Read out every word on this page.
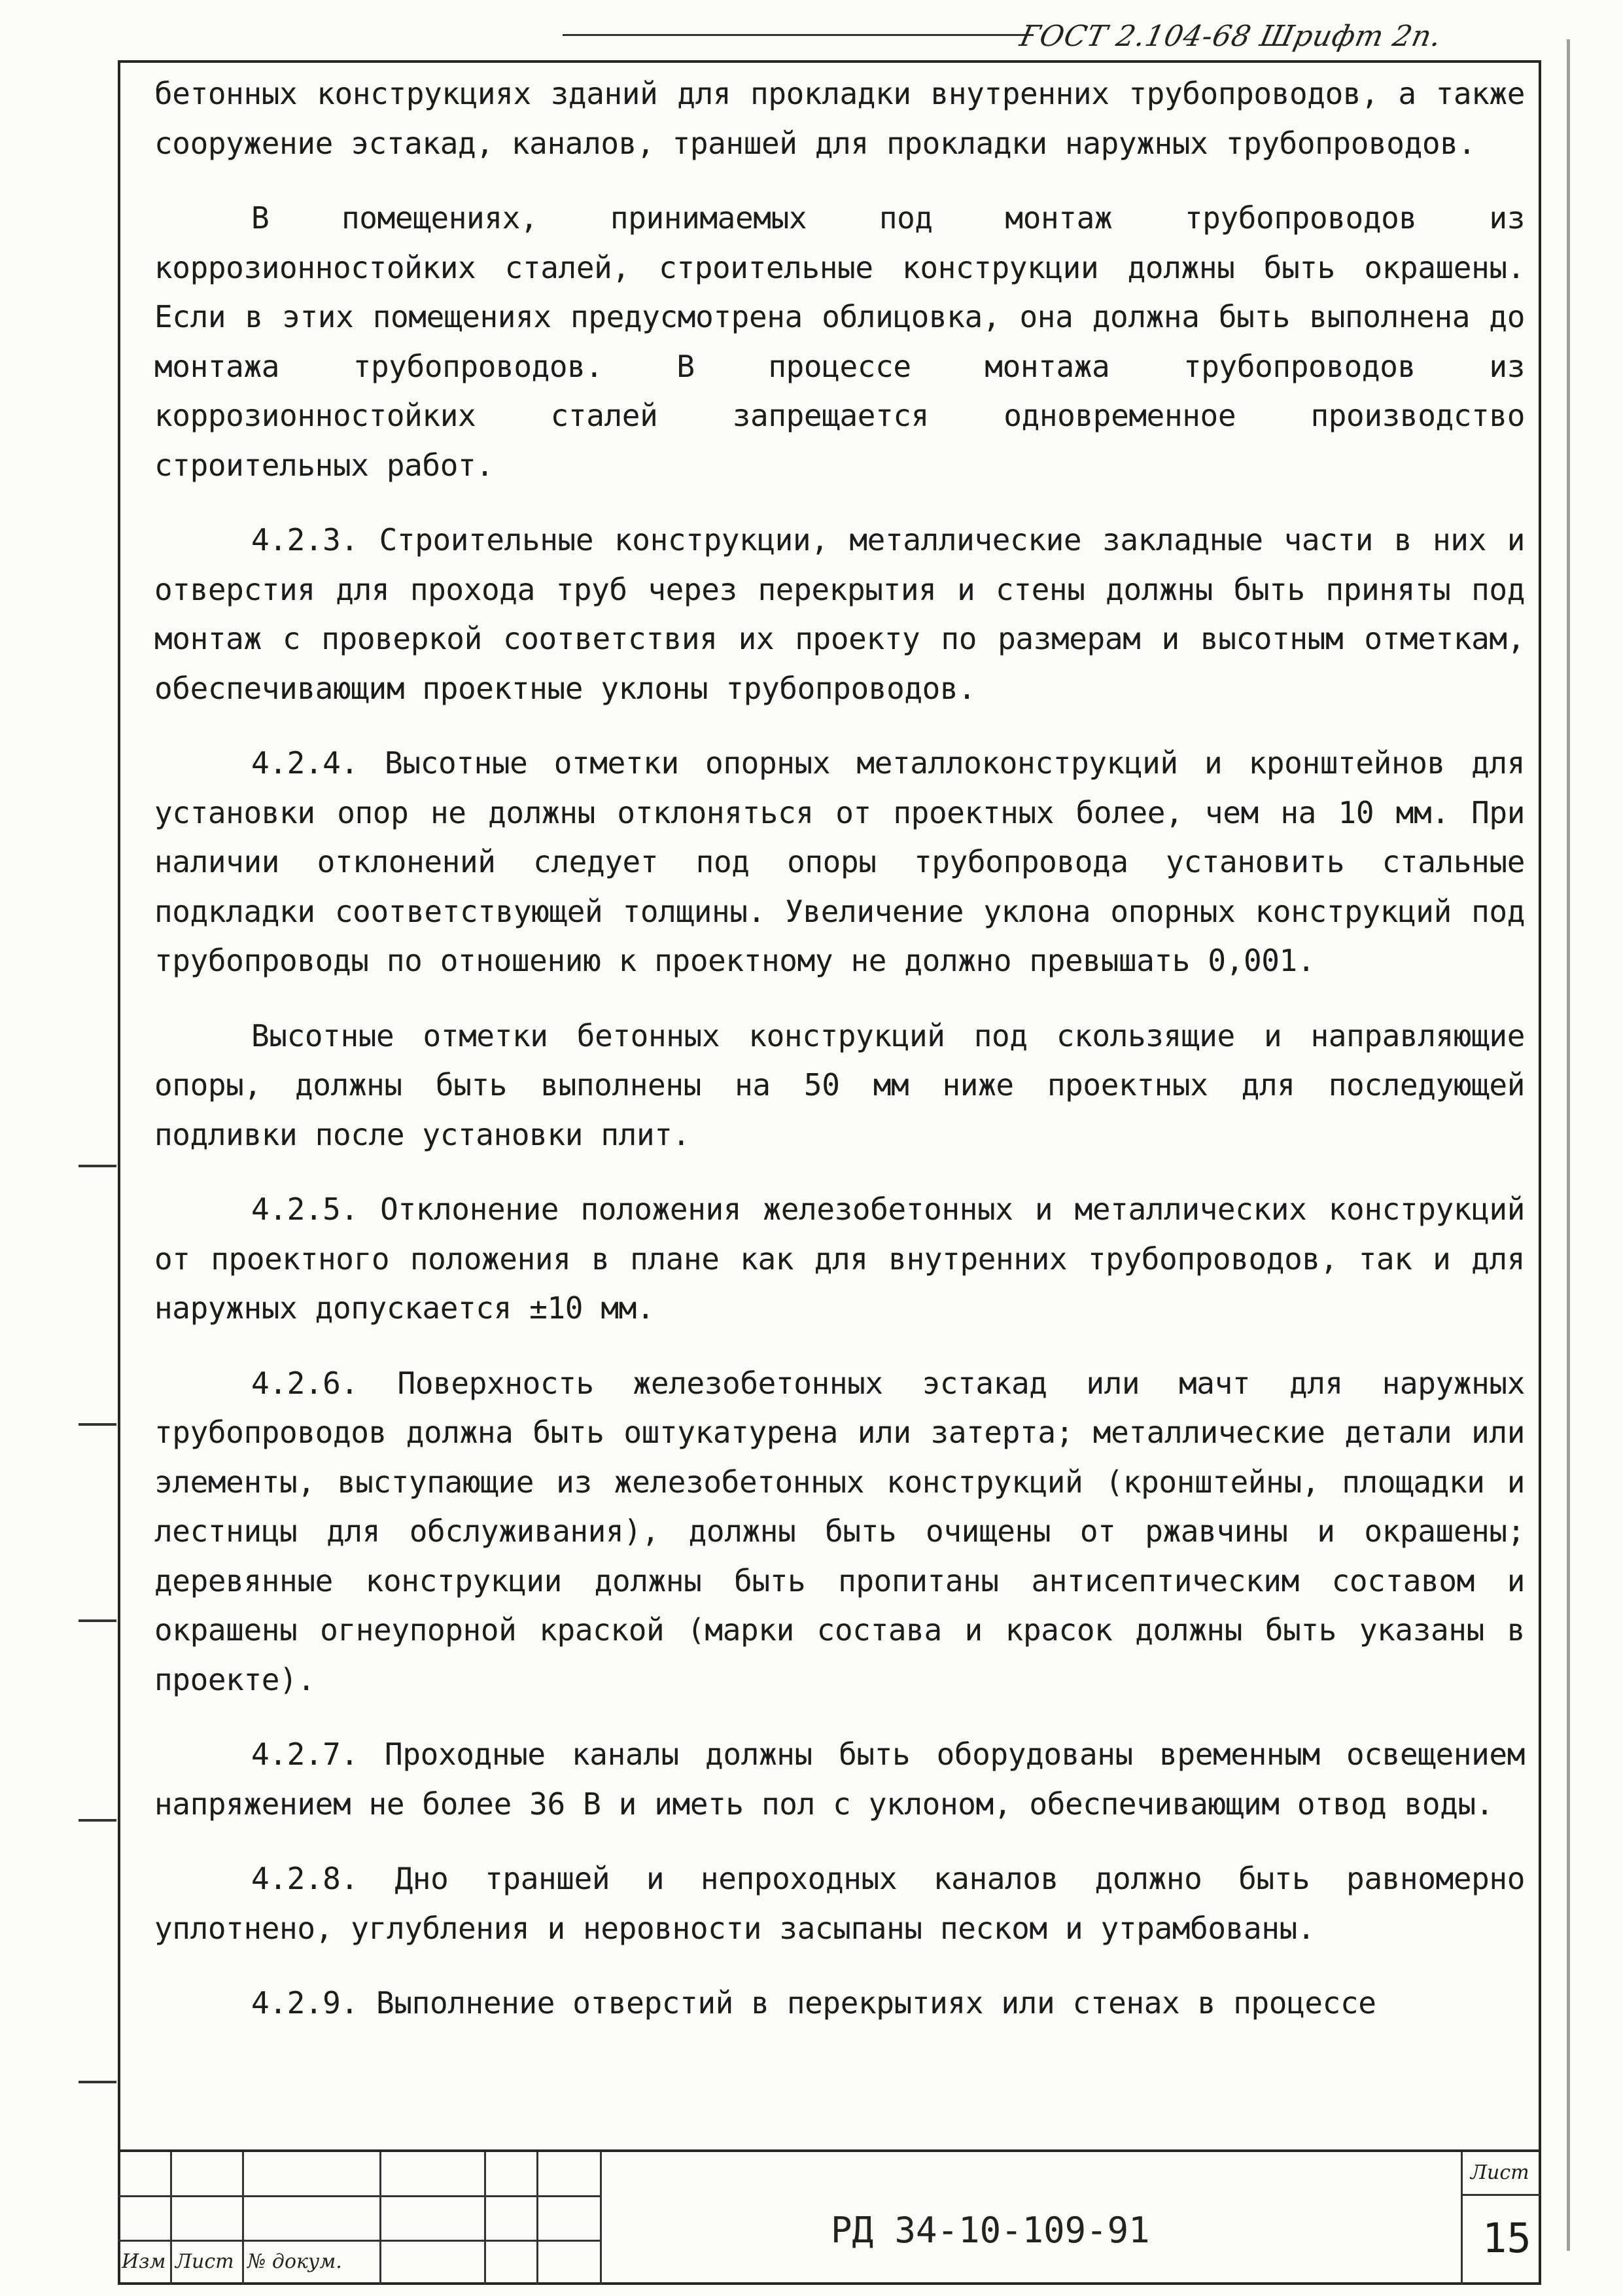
ГОСТ 2.104-68 Шрифт 2п.

бетонных конструкциях зданий для прокладки внутренних трубопроводов, а также сооружение эстакад, каналов, траншей для прокладки наружных трубопроводов.

В помещениях, принимаемых под монтаж трубопроводов из коррозионностойких сталей, строительные конструкции должны быть окрашены. Если в этих помещениях предусмотрена облицовка, она должна быть выполнена до монтажа трубопроводов. В процессе монтажа трубопроводов из коррозионностойких сталей запрещается одновременное производство строительных работ.

4.2.3. Строительные конструкции, металлические закладные части в них и отверстия для прохода труб через перекрытия и стены должны быть приняты под монтаж с проверкой соответствия их проекту по размерам и высотным отметкам, обеспечивающим проектные уклоны трубопроводов.

4.2.4. Высотные отметки опорных металлоконструкций и кронштейнов для установки опор не должны отклоняться от проектных более, чем на 10 мм. При наличии отклонений следует под опоры трубопровода установить стальные подкладки соответствующей толщины. Увеличение уклона опорных конструкций под трубопроводы по отношению к проектному не должно превышать 0,001.

Высотные отметки бетонных конструкций под скользящие и направляющие опоры, должны быть выполнены на 50 мм ниже проектных для последующей подливки после установки плит.

4.2.5. Отклонение положения железобетонных и металлических конструкций от проектного положения в плане как для внутренних трубопроводов, так и для наружных допускается ±10 мм.

4.2.6. Поверхность железобетонных эстакад или мачт для наружных трубопроводов должна быть оштукатурена или затерта; металлические детали или элементы, выступающие из железобетонных конструкций (кронштейны, площадки и лестницы для обслуживания), должны быть очищены от ржавчины и окрашены; деревянные конструкции должны быть пропитаны антисептическим составом и окрашены огнеупорной краской (марки состава и красок должны быть указаны в проекте).

4.2.7. Проходные каналы должны быть оборудованы временным освещением напряжением не более 36 В и иметь пол с уклоном, обеспечивающим отвод воды.

4.2.8. Дно траншей и непроходных каналов должно быть равномерно уплотнено, углубления и неровности засыпаны песком и утрамбованы.

4.2.9. Выполнение отверстий в перекрытиях или стенах в процессе

Изм Лист № докум.
РД 34-10-109-91
Лист
15
